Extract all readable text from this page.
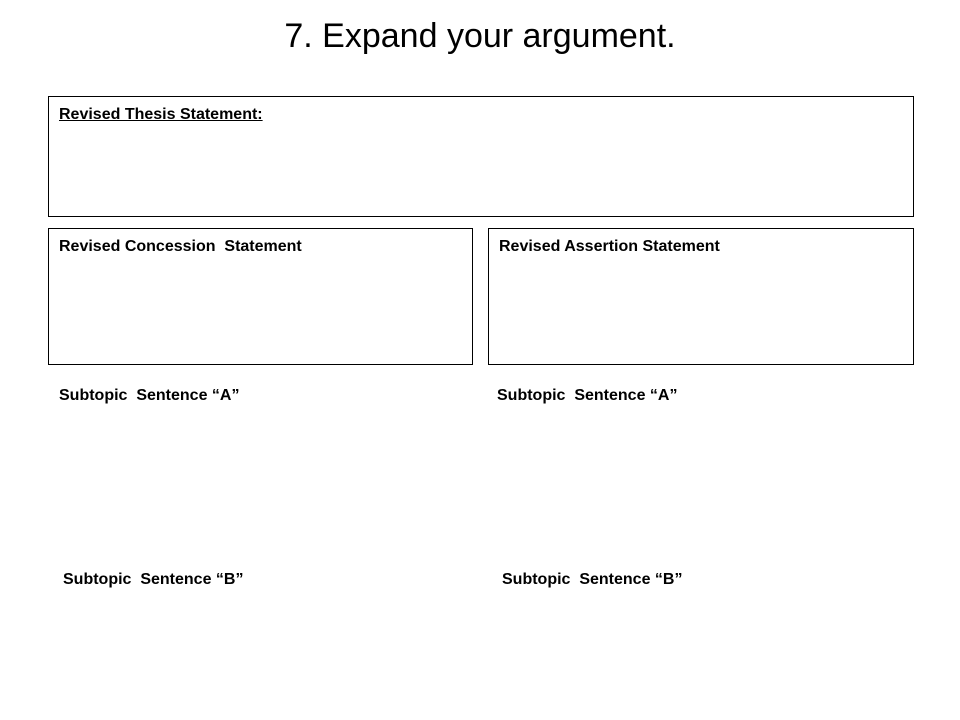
7. Expand your argument.
Revised Thesis Statement:
Revised Concession  Statement	Revised Assertion Statement
Subtopic  Sentence “A”	Subtopic  Sentence “A”
Subtopic  Sentence “B”	Subtopic  Sentence “B”
